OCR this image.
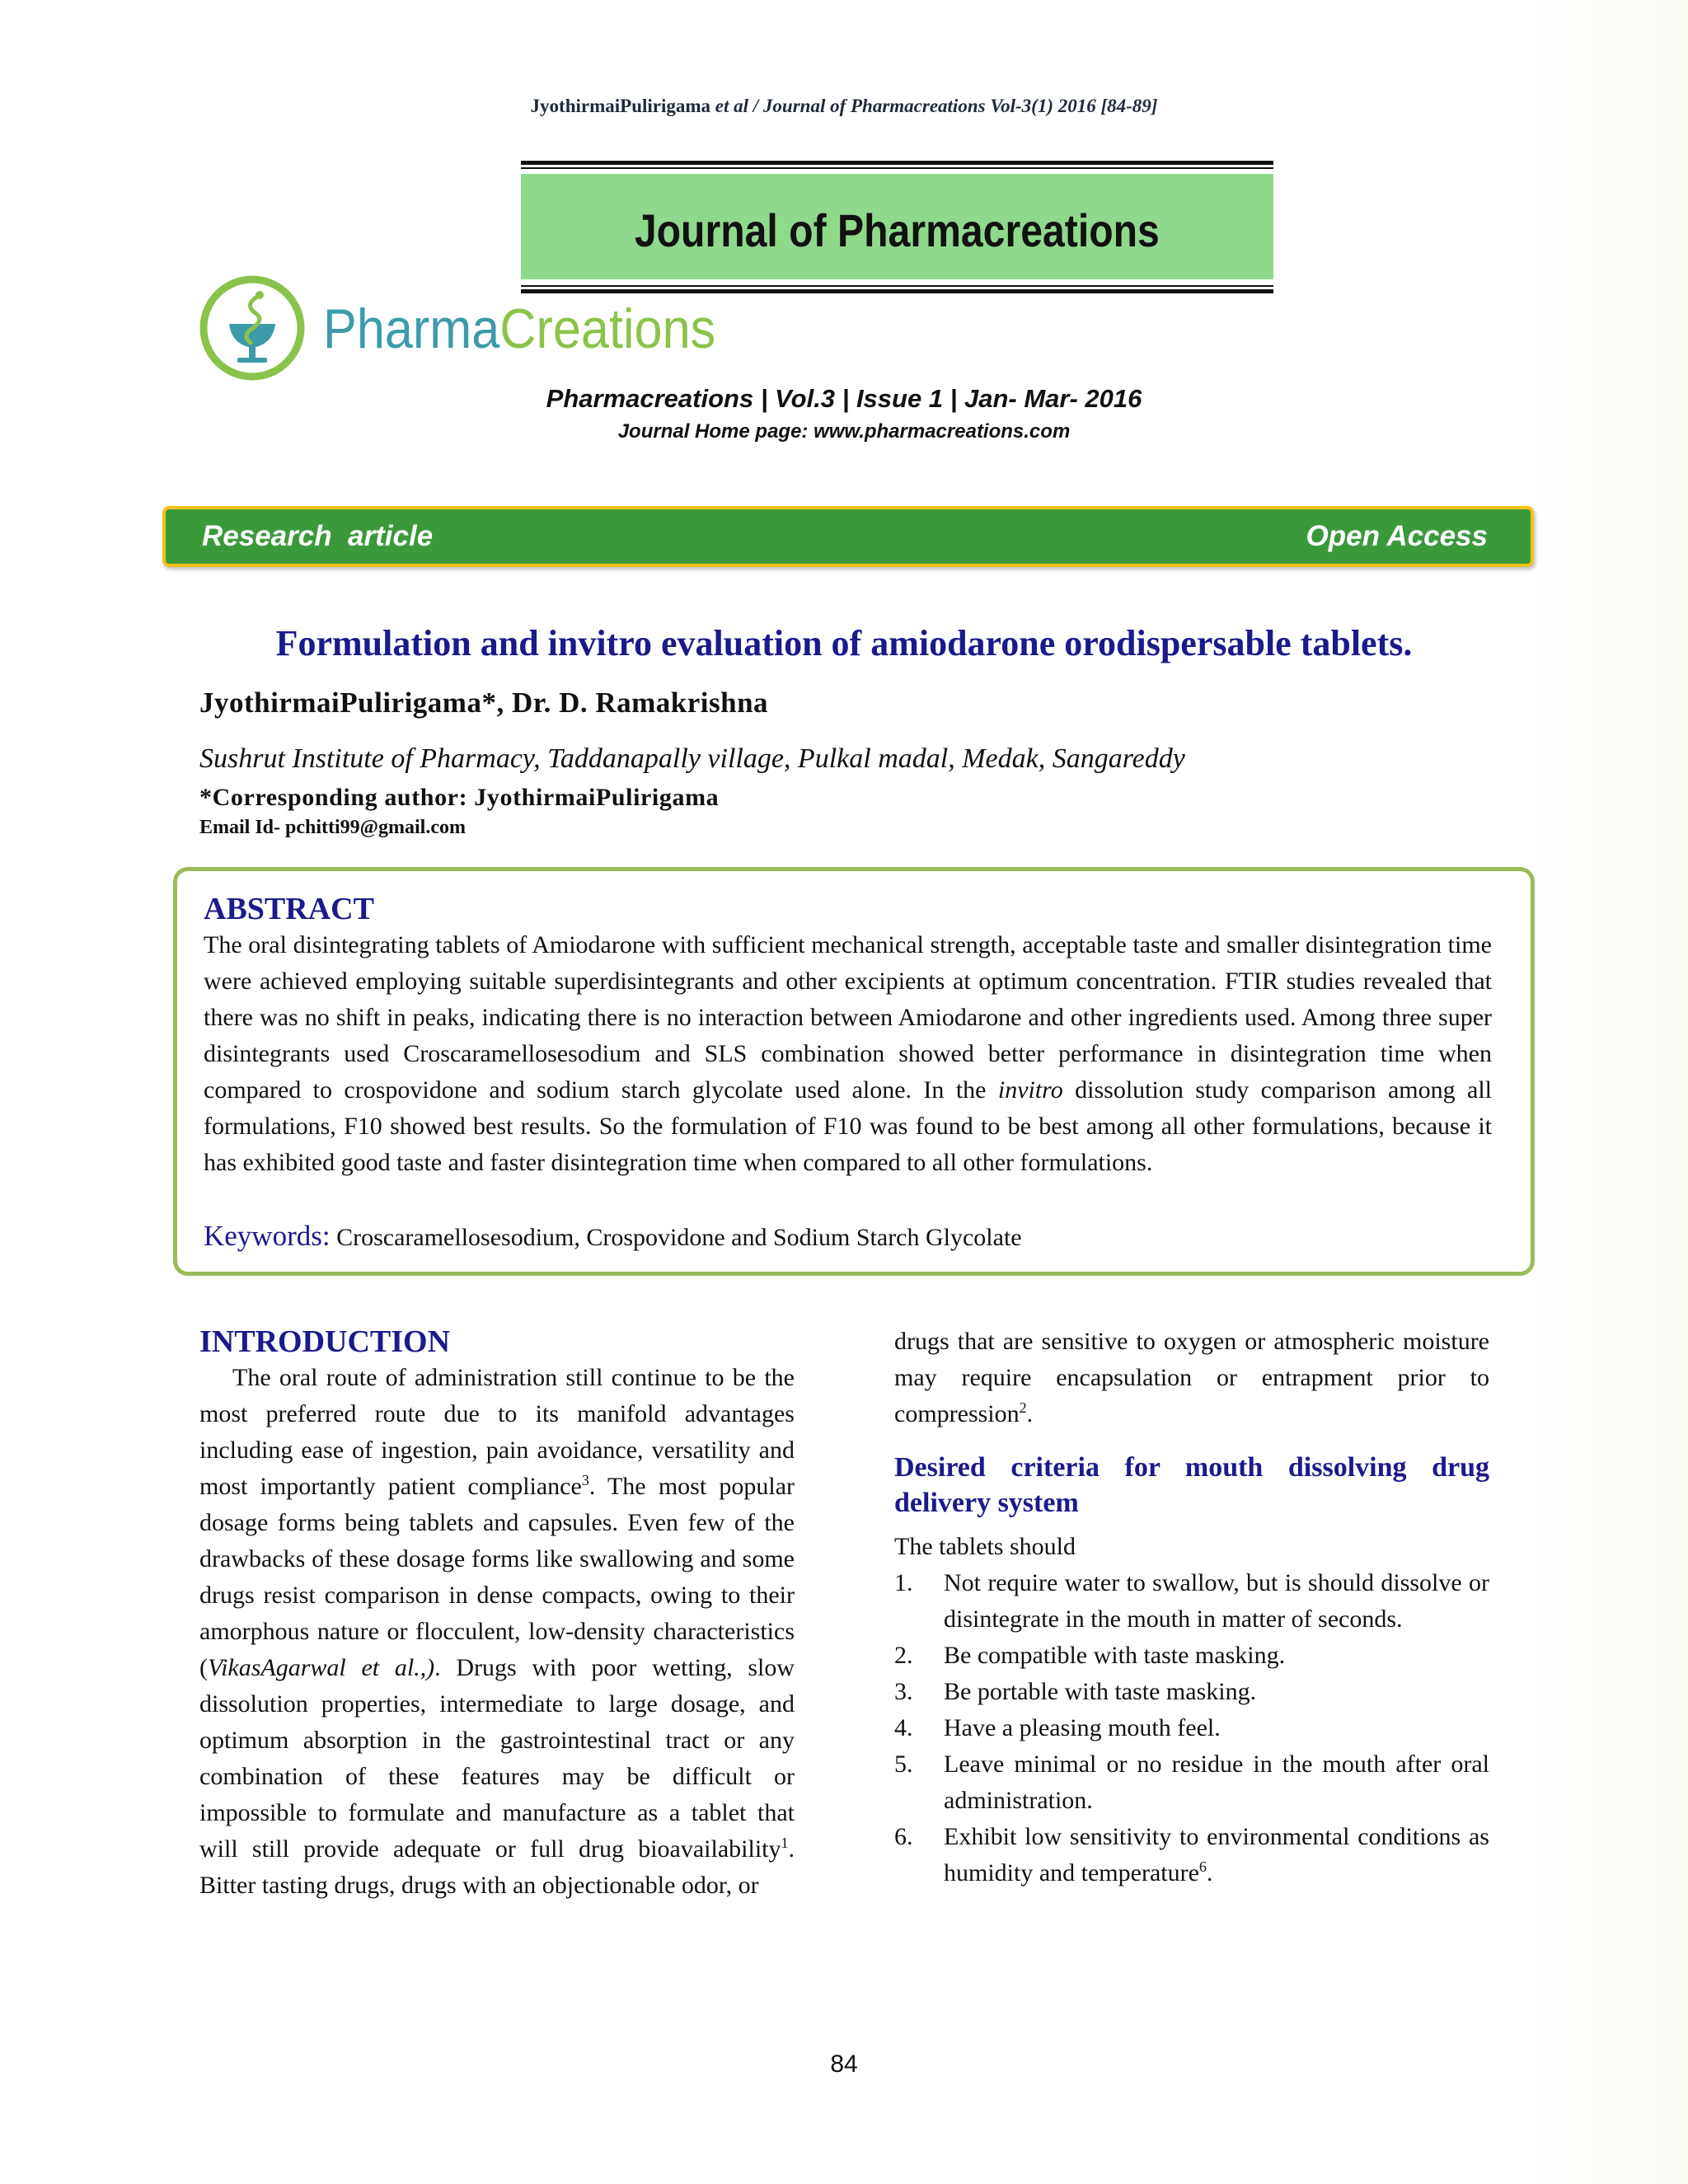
JyothirmaiPulirigama et al / Journal of Pharmacreations Vol-3(1) 2016 [84-89]
Journal of Pharmacreations
PharmaCreations
Pharmacreations | Vol.3 | Issue 1 | Jan- Mar- 2016
Journal Home page: www.pharmacreations.com
Research  article	Open Access
Formulation and invitro evaluation of amiodarone orodispersable tablets.
JyothirmaiPulirigama*, Dr. D. Ramakrishna
Sushrut Institute of Pharmacy, Taddanapally village, Pulkal madal, Medak, Sangareddy
*Corresponding author: JyothirmaiPulirigama
Email Id- pchitti99@gmail.com
ABSTRACT
The oral disintegrating tablets of Amiodarone with sufficient mechanical strength, acceptable taste and smaller disintegration time were achieved employing suitable superdisintegrants and other excipients at optimum concentration. FTIR studies revealed that there was no shift in peaks, indicating there is no interaction between Amiodarone and other ingredients used. Among three super disintegrants used Croscaramellosesodium and SLS combination showed better performance in disintegration time when compared to crospovidone and sodium starch glycolate used alone. In the invitro dissolution study comparison among all formulations, F10 showed best results. So the formulation of F10 was found to be best among all other formulations, because it has exhibited good taste and faster disintegration time when compared to all other formulations.
Keywords: Croscaramellosesodium, Crospovidone and Sodium Starch Glycolate
INTRODUCTION
The oral route of administration still continue to be the most preferred route due to its manifold advantages including ease of ingestion, pain avoidance, versatility and most importantly patient compliance$^3$. The most popular dosage forms being tablets and capsules. Even few of the drawbacks of these dosage forms like swallowing and some drugs resist comparison in dense compacts, owing to their amorphous nature or flocculent, low-density characteristics (VikasAgarwal et al.,). Drugs with poor wetting, slow dissolution properties, intermediate to large dosage, and optimum absorption in the gastrointestinal tract or any combination of these features may be difficult or impossible to formulate and manufacture as a tablet that will still provide adequate or full drug bioavailability$^1$. Bitter tasting drugs, drugs with an objectionable odor, or
drugs that are sensitive to oxygen or atmospheric moisture may require encapsulation or entrapment prior to compression$^2$.
Desired criteria for mouth dissolving drug delivery system
The tablets should
1. Not require water to swallow, but is should dissolve or disintegrate in the mouth in matter of seconds.
2. Be compatible with taste masking.
3. Be portable with taste masking.
4. Have a pleasing mouth feel.
5. Leave minimal or no residue in the mouth after oral administration.
6. Exhibit low sensitivity to environmental conditions as humidity and temperature$^6$.
84
